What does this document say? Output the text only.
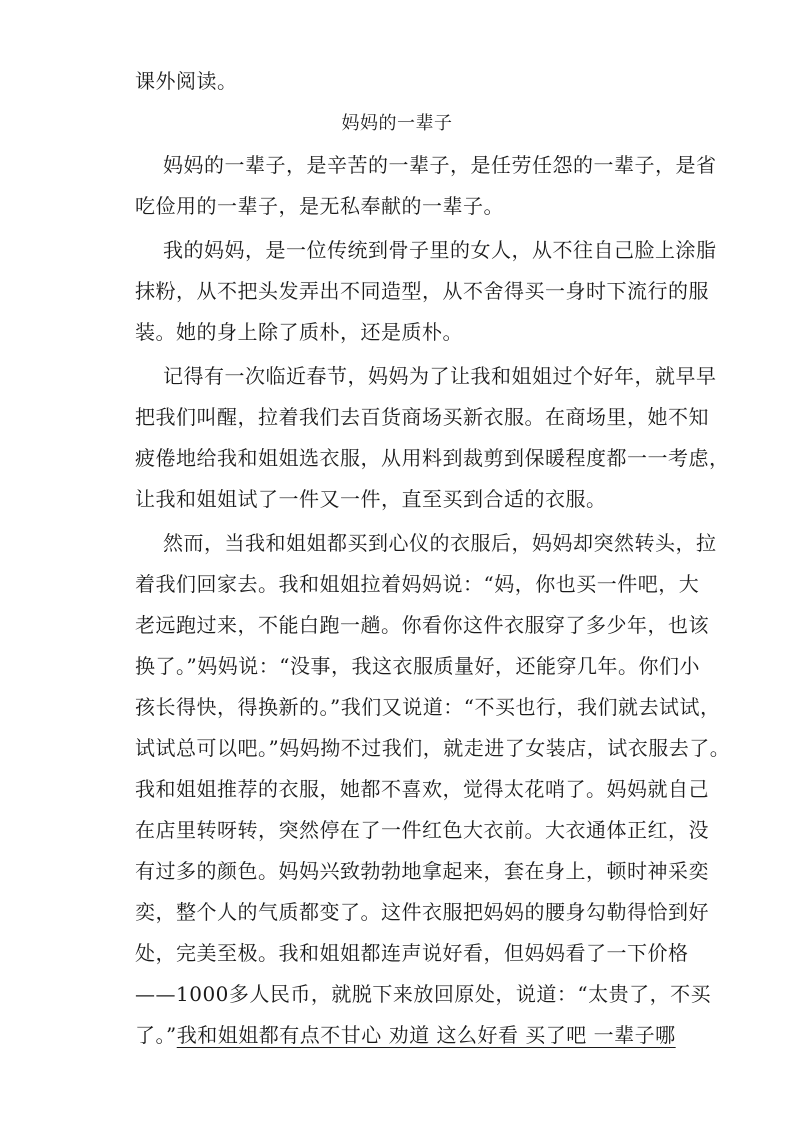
课外阅读。
妈妈的一辈子
妈妈的一辈子，是辛苦的一辈子，是任劳任怨的一辈子，是省
吃俭用的一辈子，是无私奉献的一辈子。
我的妈妈，是一位传统到骨子里的女人，从不往自己脸上涂脂
抹粉，从不把头发弄出不同造型，从不舍得买一身时下流行的服
装。她的身上除了质朴，还是质朴。
记得有一次临近春节，妈妈为了让我和姐姐过个好年，就早早
把我们叫醒，拉着我们去百货商场买新衣服。在商场里，她不知
疲倦地给我和姐姐选衣服，从用料到裁剪到保暖程度都一一考虑，
让我和姐姐试了一件又一件，直至买到合适的衣服。
然而，当我和姐姐都买到心仪的衣服后，妈妈却突然转头，拉
着我们回家去。我和姐姐拉着妈妈说：“妈，你也买一件吧，大
老远跑过来，不能白跑一趟。你看你这件衣服穿了多少年，也该
换了。”妈妈说：“没事，我这衣服质量好，还能穿几年。你们小
孩长得快，得换新的。”我们又说道：“不买也行，我们就去试试，
试试总可以吧。”妈妈拗不过我们，就走进了女装店，试衣服去了。
我和姐姐推荐的衣服，她都不喜欢，觉得太花哨了。妈妈就自己
在店里转呀转，突然停在了一件红色大衣前。大衣通体正红，没
有过多的颜色。妈妈兴致勃勃地拿起来，套在身上，顿时神采奕
奕，整个人的气质都变了。这件衣服把妈妈的腰身勾勒得恰到好
处，完美至极。我和姐姐都连声说好看，但妈妈看了一下价格
——1000多人民币，就脱下来放回原处，说道：“太贵了，不买
了。”我和姐姐都有点不甘心 劝道 这么好看 买了吧 一辈子哪
